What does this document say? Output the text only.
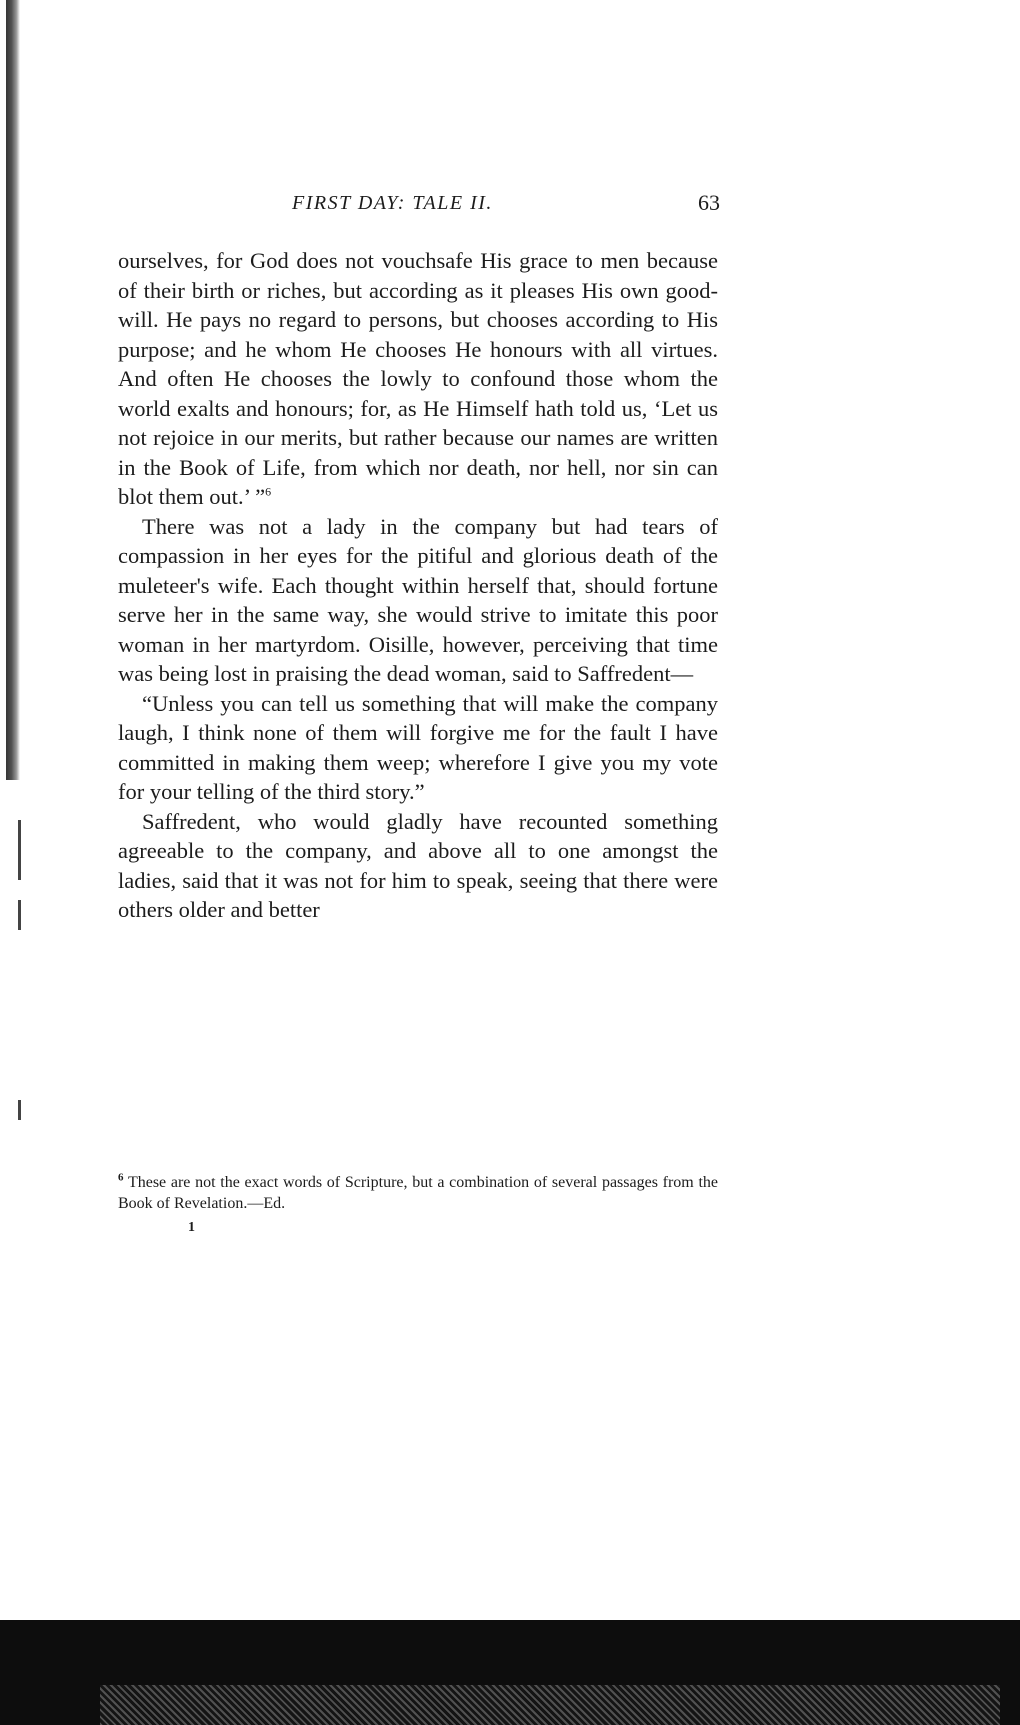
FIRST DAY: TALE II.	63

ourselves, for God does not vouchsafe His grace to men because of their birth or riches, but according as it pleases His own good-will. He pays no regard to persons, but chooses according to His purpose; and he whom He chooses He honours with all virtues. And often He chooses the lowly to confound those whom the world exalts and honours; for, as He Himself hath told us, ‘Let us not rejoice in our merits, but rather because our names are written in the Book of Life, from which nor death, nor hell, nor sin can blot them out.’ ”$^6$

There was not a lady in the company but had tears of compassion in her eyes for the pitiful and glorious death of the muleteer's wife. Each thought within herself that, should fortune serve her in the same way, she would strive to imitate this poor woman in her martyrdom. Oisille, however, perceiving that time was being lost in praising the dead woman, said to Saffredent—

“Unless you can tell us something that will make the company laugh, I think none of them will forgive me for the fault I have committed in making them weep; wherefore I give you my vote for your telling of the third story.”

Saffredent, who would gladly have recounted something agreeable to the company, and above all to one amongst the ladies, said that it was not for him to speak, seeing that there were others older and better

$^6$ These are not the exact words of Scripture, but a combination of several passages from the Book of Revelation.—Ed.
1
